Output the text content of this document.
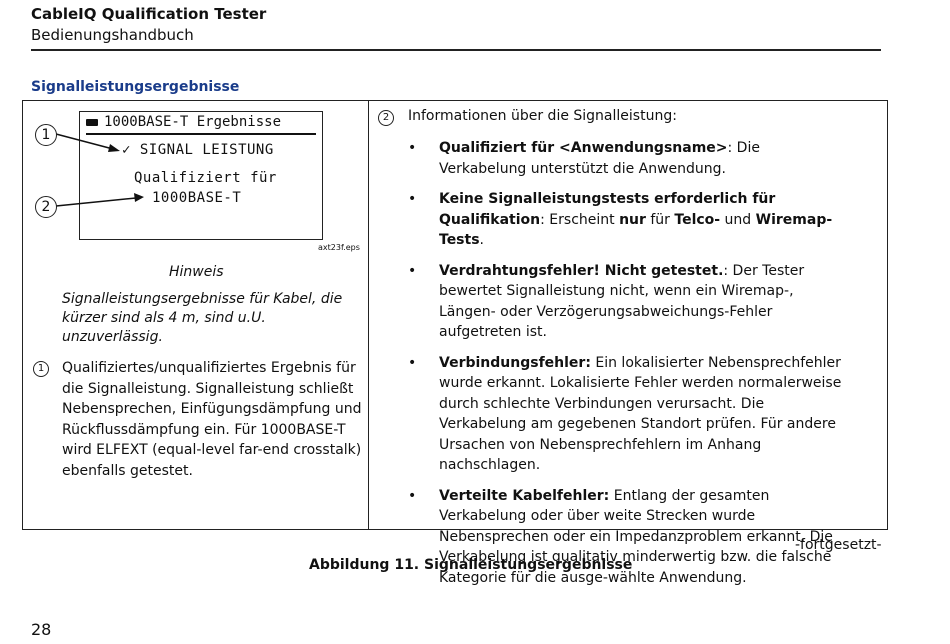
CableIQ Qualification Tester
Bedienungshandbuch
Signalleistungsergebnisse
1000BASE-T Ergebnisse
✓ SIGNAL LEISTUNG
Qualifiziert für
1000BASE-T
1
2
axt23f.eps
Hinweis
Signalleistungsergebnisse für Kabel, die kürzer sind als 4 m, sind u.U. unzuverlässig.
1	Qualifiziertes/unqualifiziertes Ergebnis für die Signalleistung. Signalleistung schließt Nebensprechen, Einfügungsdämpfung und Rückflussdämpfung ein. Für 1000BASE-T wird ELFEXT (equal-level far-end crosstalk) ebenfalls getestet.
2	Informationen über die Signalleistung:
• Qualifiziert für <Anwendungsname>: Die Verkabelung unterstützt die Anwendung.
• Keine Signalleistungstests erforderlich für Qualifikation: Erscheint nur für Telco- und Wiremap-Tests.
• Verdrahtungsfehler! Nicht getestet.: Der Tester bewertet Signalleistung nicht, wenn ein Wiremap-, Längen- oder Verzögerungsabweichungs-Fehler aufgetreten ist.
• Verbindungsfehler: Ein lokalisierter Nebensprechfehler wurde erkannt. Lokalisierte Fehler werden normalerweise durch schlechte Verbindungen verursacht. Die Verkabelung am gegebenen Standort prüfen. Für andere Ursachen von Nebensprechfehlern im Anhang nachschlagen.
• Verteilte Kabelfehler: Entlang der gesamten Verkabelung oder über weite Strecken wurde Nebensprechen oder ein Impedanzproblem erkannt. Die Verkabelung ist qualitativ minderwertig bzw. die falsche Kategorie für die ausge-wählte Anwendung.
-fortgesetzt-
Abbildung 11. Signalleistungsergebnisse
28
